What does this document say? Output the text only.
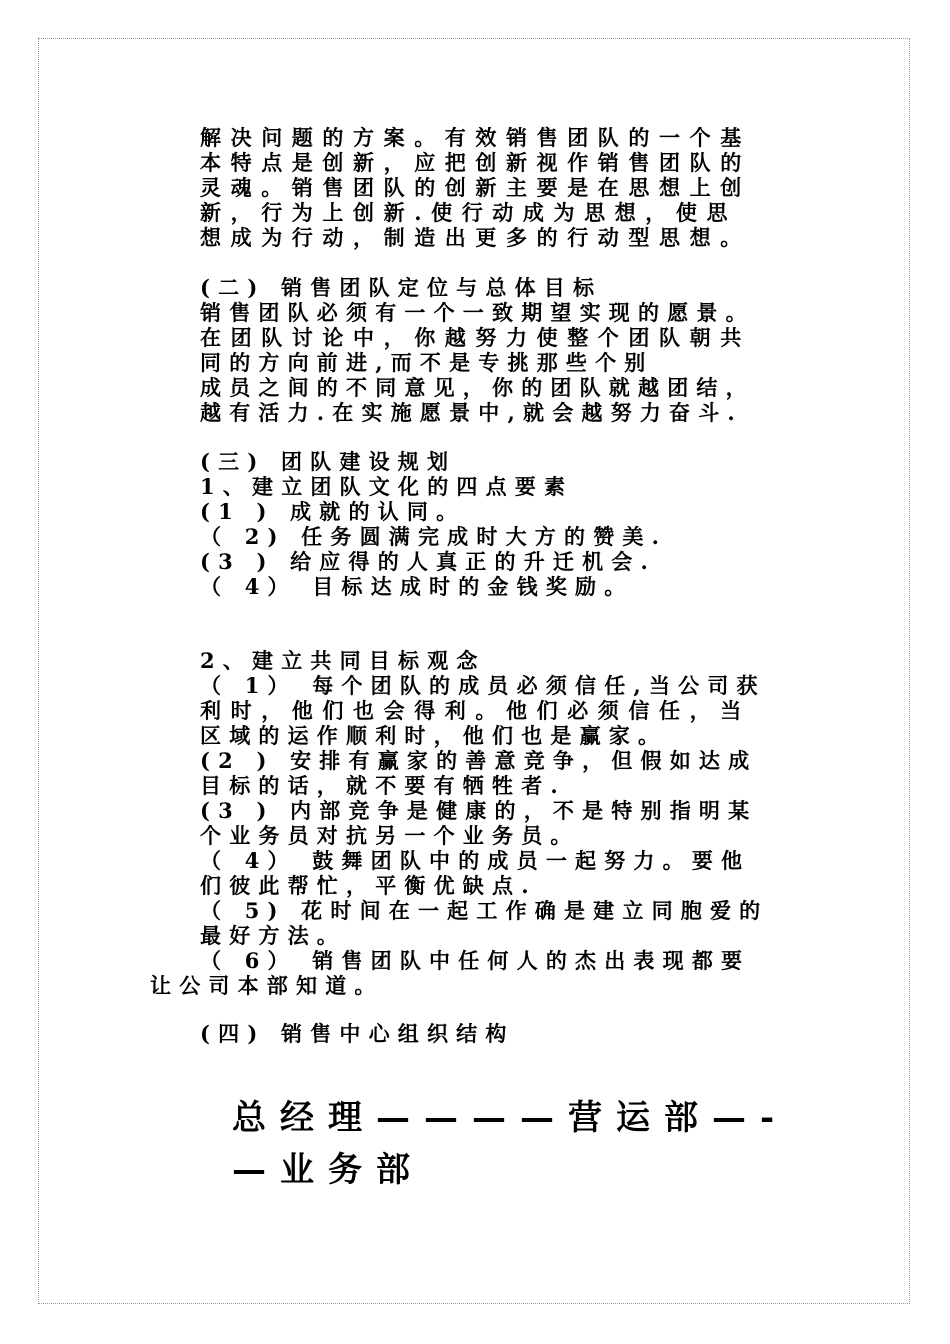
解决问题的方案。有效销售团队的一个基

本特点是创新，应把创新视作销售团队的

灵魂。销售团队的创新主要是在思想上创

新，行为上创新.使行动成为思想，使思

想成为行动，制造出更多的行动型思想。

(二) 销售团队定位与总体目标

销售团队必须有一个一致期望实现的愿景。

在团队讨论中，你越努力使整个团队朝共

同的方向前进,而不是专挑那些个别

成员之间的不同意见，你的团队就越团结，

越有活力.在实施愿景中,就会越努力奋斗.

(三) 团队建设规划

1、建立团队文化的四点要素

(1 ) 成就的认同。

（ 2) 任务圆满完成时大方的赞美.

(3 ) 给应得的人真正的升迁机会.

（ 4） 目标达成时的金钱奖励。

2、建立共同目标观念

（ 1） 每个团队的成员必须信任,当公司获

利时，他们也会得利。他们必须信任，当

区域的运作顺利时，他们也是赢家。

(2 ) 安排有赢家的善意竞争，但假如达成

目标的话，就不要有牺牲者.

(3 ) 内部竞争是健康的，不是特别指明某

个业务员对抗另一个业务员。

（ 4） 鼓舞团队中的成员一起努力。要他

们彼此帮忙，平衡优缺点.

（ 5) 花时间在一起工作确是建立同胞爱的

最好方法。

（ 6） 销售团队中任何人的杰出表现都要

让公司本部知道。

(四) 销售中心组织结构

总经理————营运部—-

—业务部
